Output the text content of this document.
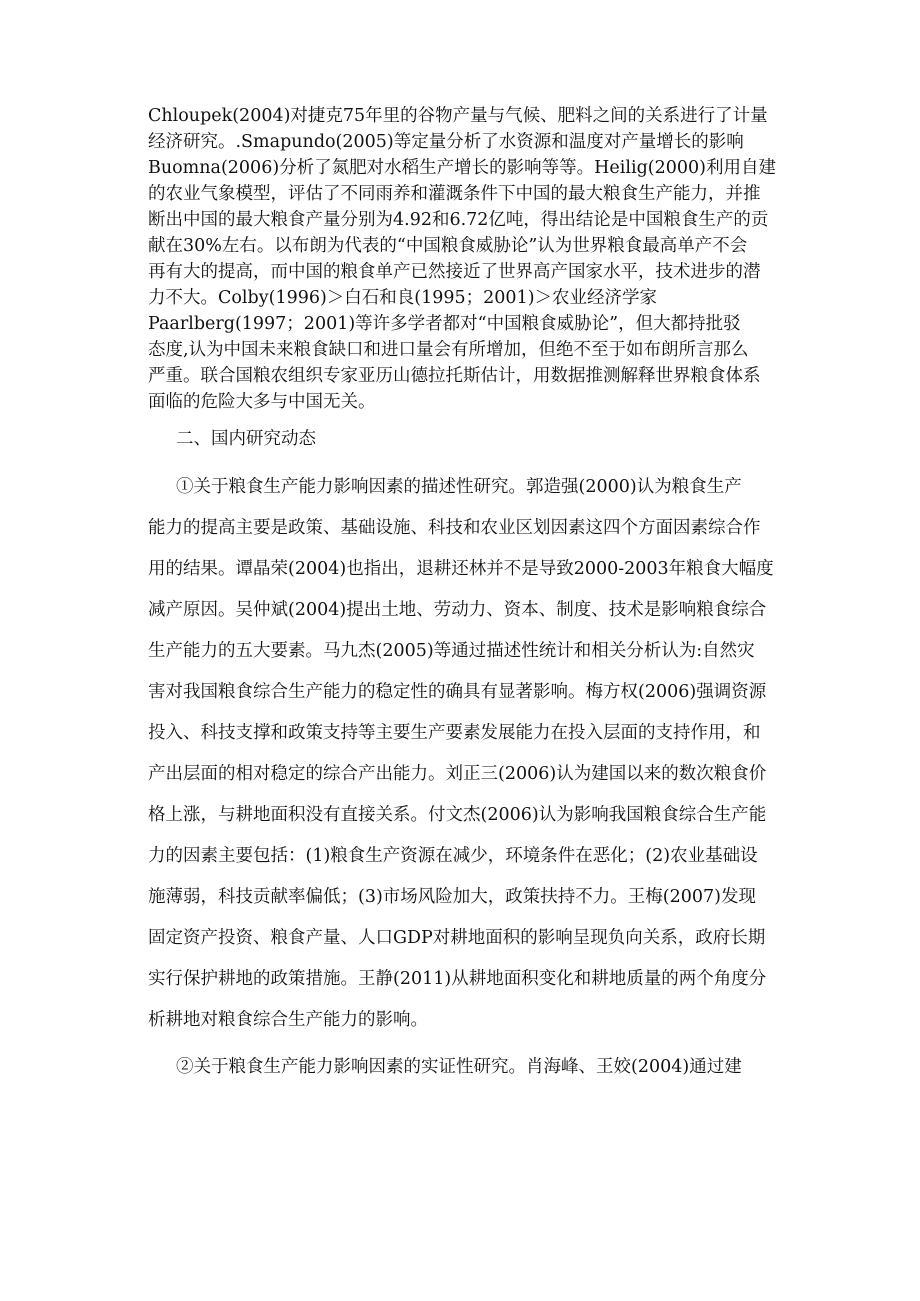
Chloupek(2004)对捷克75年里的谷物产量与气候、肥料之间的关系进行了计量
经济研究。.Smapundo(2005)等定量分析了水资源和温度对产量增长的影响
Buomna(2006)分析了氮肥对水稻生产增长的影响等等。Heilig(2000)利用自建
的农业气象模型，评估了不同雨养和灌溉条件下中国的最大粮食生产能力，并推
断出中国的最大粮食产量分别为4.92和6.72亿吨，得出结论是中国粮食生产的贡
献在30%左右。以布朗为代表的“中国粮食威胁论”认为世界粮食最高单产不会
再有大的提高，而中国的粮食单产已然接近了世界高产国家水平，技术进步的潜
力不大。Colby(1996)＞白石和良(1995；2001)＞农业经济学家
Paarlberg(1997；2001)等许多学者都对“中国粮食威胁论”，但大都持批驳
态度,认为中国未来粮食缺口和进口量会有所增加，但绝不至于如布朗所言那么
严重。联合国粮农组织专家亚历山德拉托斯估计，用数据推测解释世界粮食体系
面临的危险大多与中国无关。
二、国内研究动态
①关于粮食生产能力影响因素的描述性研究。郭造强(2000)认为粮食生产
能力的提高主要是政策、基础设施、科技和农业区划因素这四个方面因素综合作
用的结果。谭晶荣(2004)也指出，退耕还林并不是导致2000-2003年粮食大幅度
减产原因。吴仲斌(2004)提出土地、劳动力、资本、制度、技术是影响粮食综合
生产能力的五大要素。马九杰(2005)等通过描述性统计和相关分析认为:自然灾
害对我国粮食综合生产能力的稳定性的确具有显著影响。梅方权(2006)强调资源
投入、科技支撑和政策支持等主要生产要素发展能力在投入层面的支持作用，和
产出层面的相对稳定的综合产出能力。刘正三(2006)认为建国以来的数次粮食价
格上涨，与耕地面积没有直接关系。付文杰(2006)认为影响我国粮食综合生产能
力的因素主要包括：(1)粮食生产资源在减少，环境条件在恶化；(2)农业基础设
施薄弱，科技贡献率偏低；(3)市场风险加大，政策扶持不力。王梅(2007)发现
固定资产投资、粮食产量、人口GDP对耕地面积的影响呈现负向关系，政府长期
实行保护耕地的政策措施。王静(2011)从耕地面积变化和耕地质量的两个角度分
析耕地对粮食综合生产能力的影响。
②关于粮食生产能力影响因素的实证性研究。肖海峰、王姣(2004)通过建
